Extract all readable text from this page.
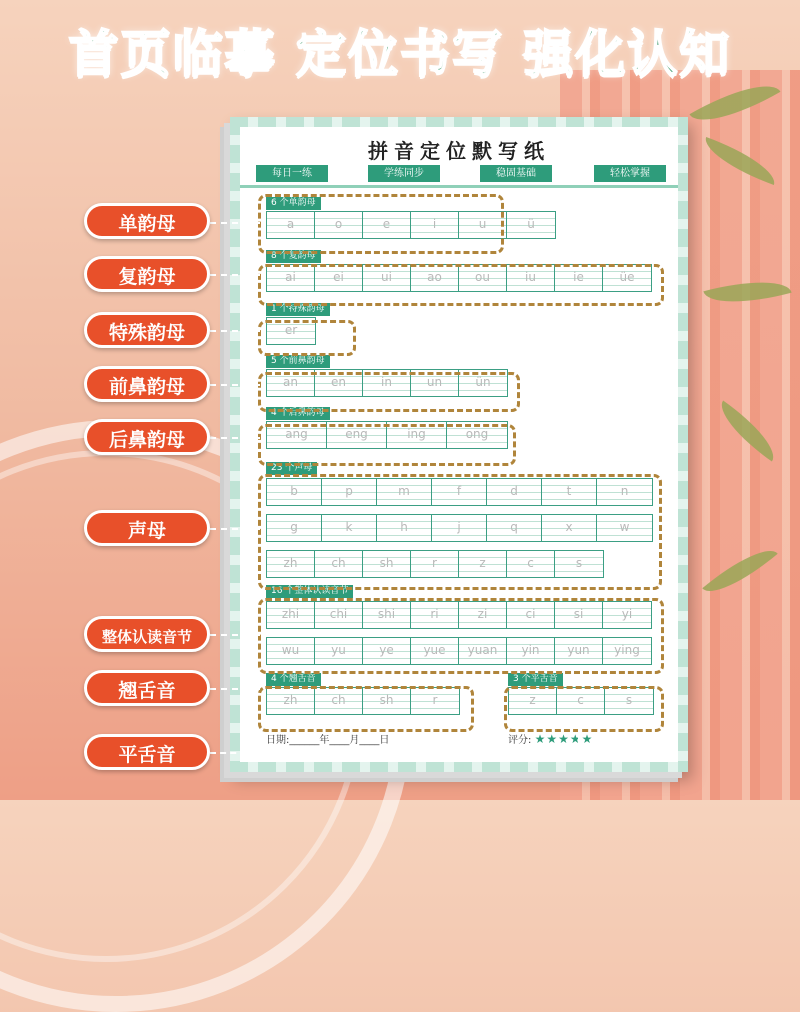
首页临摹 定位书写 强化认知
拼音定位默写纸
每日一练	学练同步	稳固基础	轻松掌握
6 个单韵母
a	o	e	i	u	ü
8 个复韵母
ai	ei	ui	ao	ou	iu	ie	üe
1 个特殊韵母
er
5 个前鼻韵母
an	en	in	un	ün
4 个后鼻韵母
ang	eng	ing	ong
23 个声母
b	p	m	f	d	t	n
g	k	h	j	q	x	w
zh	ch	sh	r	z	c	s
16 个整体认读音节
zhi	chi	shi	ri	zi	ci	si	yi
wu	yu	ye	yue	yuan	yin	yun	ying
4 个翘舌音
zh	ch	sh	r
3 个平舌音
z	c	s
日期:______年____月____日	评分: ★★★★★
单韵母
复韵母
特殊韵母
前鼻韵母
后鼻韵母
声母
整体认读音节
翘舌音
平舌音
